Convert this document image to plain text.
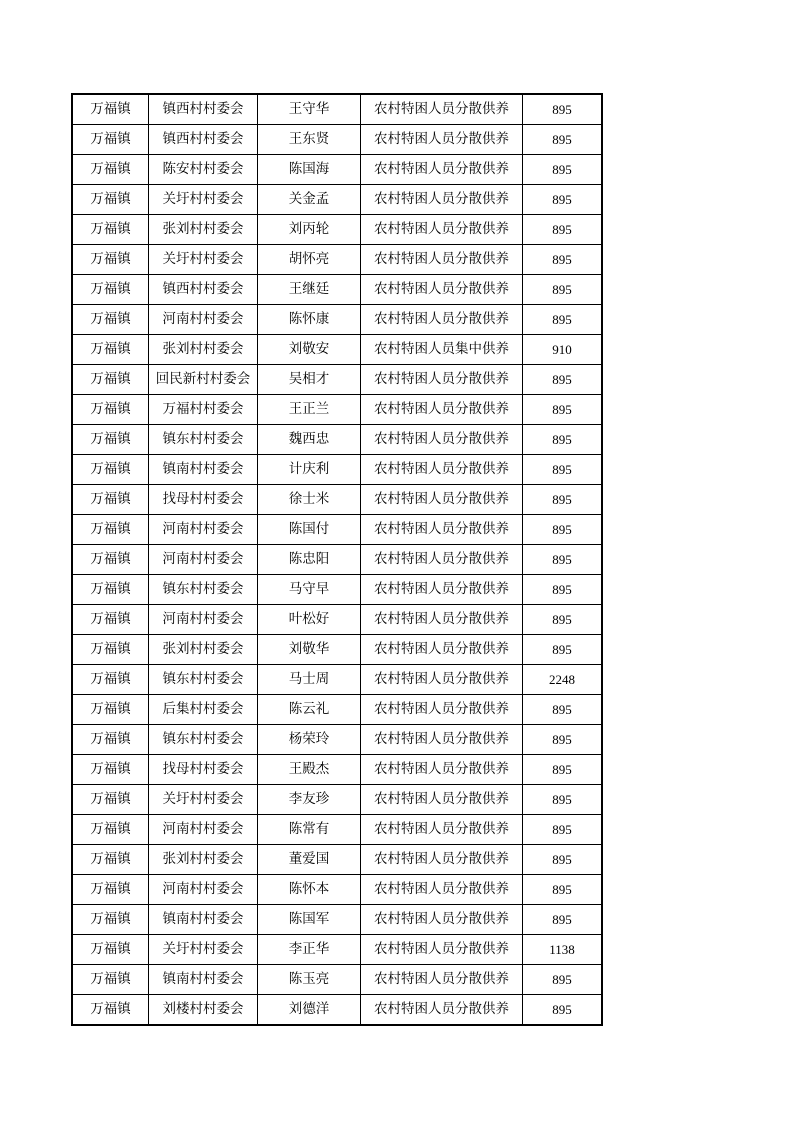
万福镇	镇西村村委会	王守华	农村特困人员分散供养	895
万福镇	镇西村村委会	王东贤	农村特困人员分散供养	895
万福镇	陈安村村委会	陈国海	农村特困人员分散供养	895
万福镇	关圩村村委会	关金孟	农村特困人员分散供养	895
万福镇	张刘村村委会	刘丙轮	农村特困人员分散供养	895
万福镇	关圩村村委会	胡怀亮	农村特困人员分散供养	895
万福镇	镇西村村委会	王继廷	农村特困人员分散供养	895
万福镇	河南村村委会	陈怀康	农村特困人员分散供养	895
万福镇	张刘村村委会	刘敬安	农村特困人员集中供养	910
万福镇	回民新村村委会	吴相才	农村特困人员分散供养	895
万福镇	万福村村委会	王正兰	农村特困人员分散供养	895
万福镇	镇东村村委会	魏西忠	农村特困人员分散供养	895
万福镇	镇南村村委会	计庆利	农村特困人员分散供养	895
万福镇	找母村村委会	徐士米	农村特困人员分散供养	895
万福镇	河南村村委会	陈国付	农村特困人员分散供养	895
万福镇	河南村村委会	陈忠阳	农村特困人员分散供养	895
万福镇	镇东村村委会	马守早	农村特困人员分散供养	895
万福镇	河南村村委会	叶松好	农村特困人员分散供养	895
万福镇	张刘村村委会	刘敬华	农村特困人员分散供养	895
万福镇	镇东村村委会	马士周	农村特困人员分散供养	2248
万福镇	后集村村委会	陈云礼	农村特困人员分散供养	895
万福镇	镇东村村委会	杨荣玲	农村特困人员分散供养	895
万福镇	找母村村委会	王殿杰	农村特困人员分散供养	895
万福镇	关圩村村委会	李友珍	农村特困人员分散供养	895
万福镇	河南村村委会	陈常有	农村特困人员分散供养	895
万福镇	张刘村村委会	董爱国	农村特困人员分散供养	895
万福镇	河南村村委会	陈怀本	农村特困人员分散供养	895
万福镇	镇南村村委会	陈国军	农村特困人员分散供养	895
万福镇	关圩村村委会	李正华	农村特困人员分散供养	1138
万福镇	镇南村村委会	陈玉亮	农村特困人员分散供养	895
万福镇	刘楼村村委会	刘德洋	农村特困人员分散供养	895
